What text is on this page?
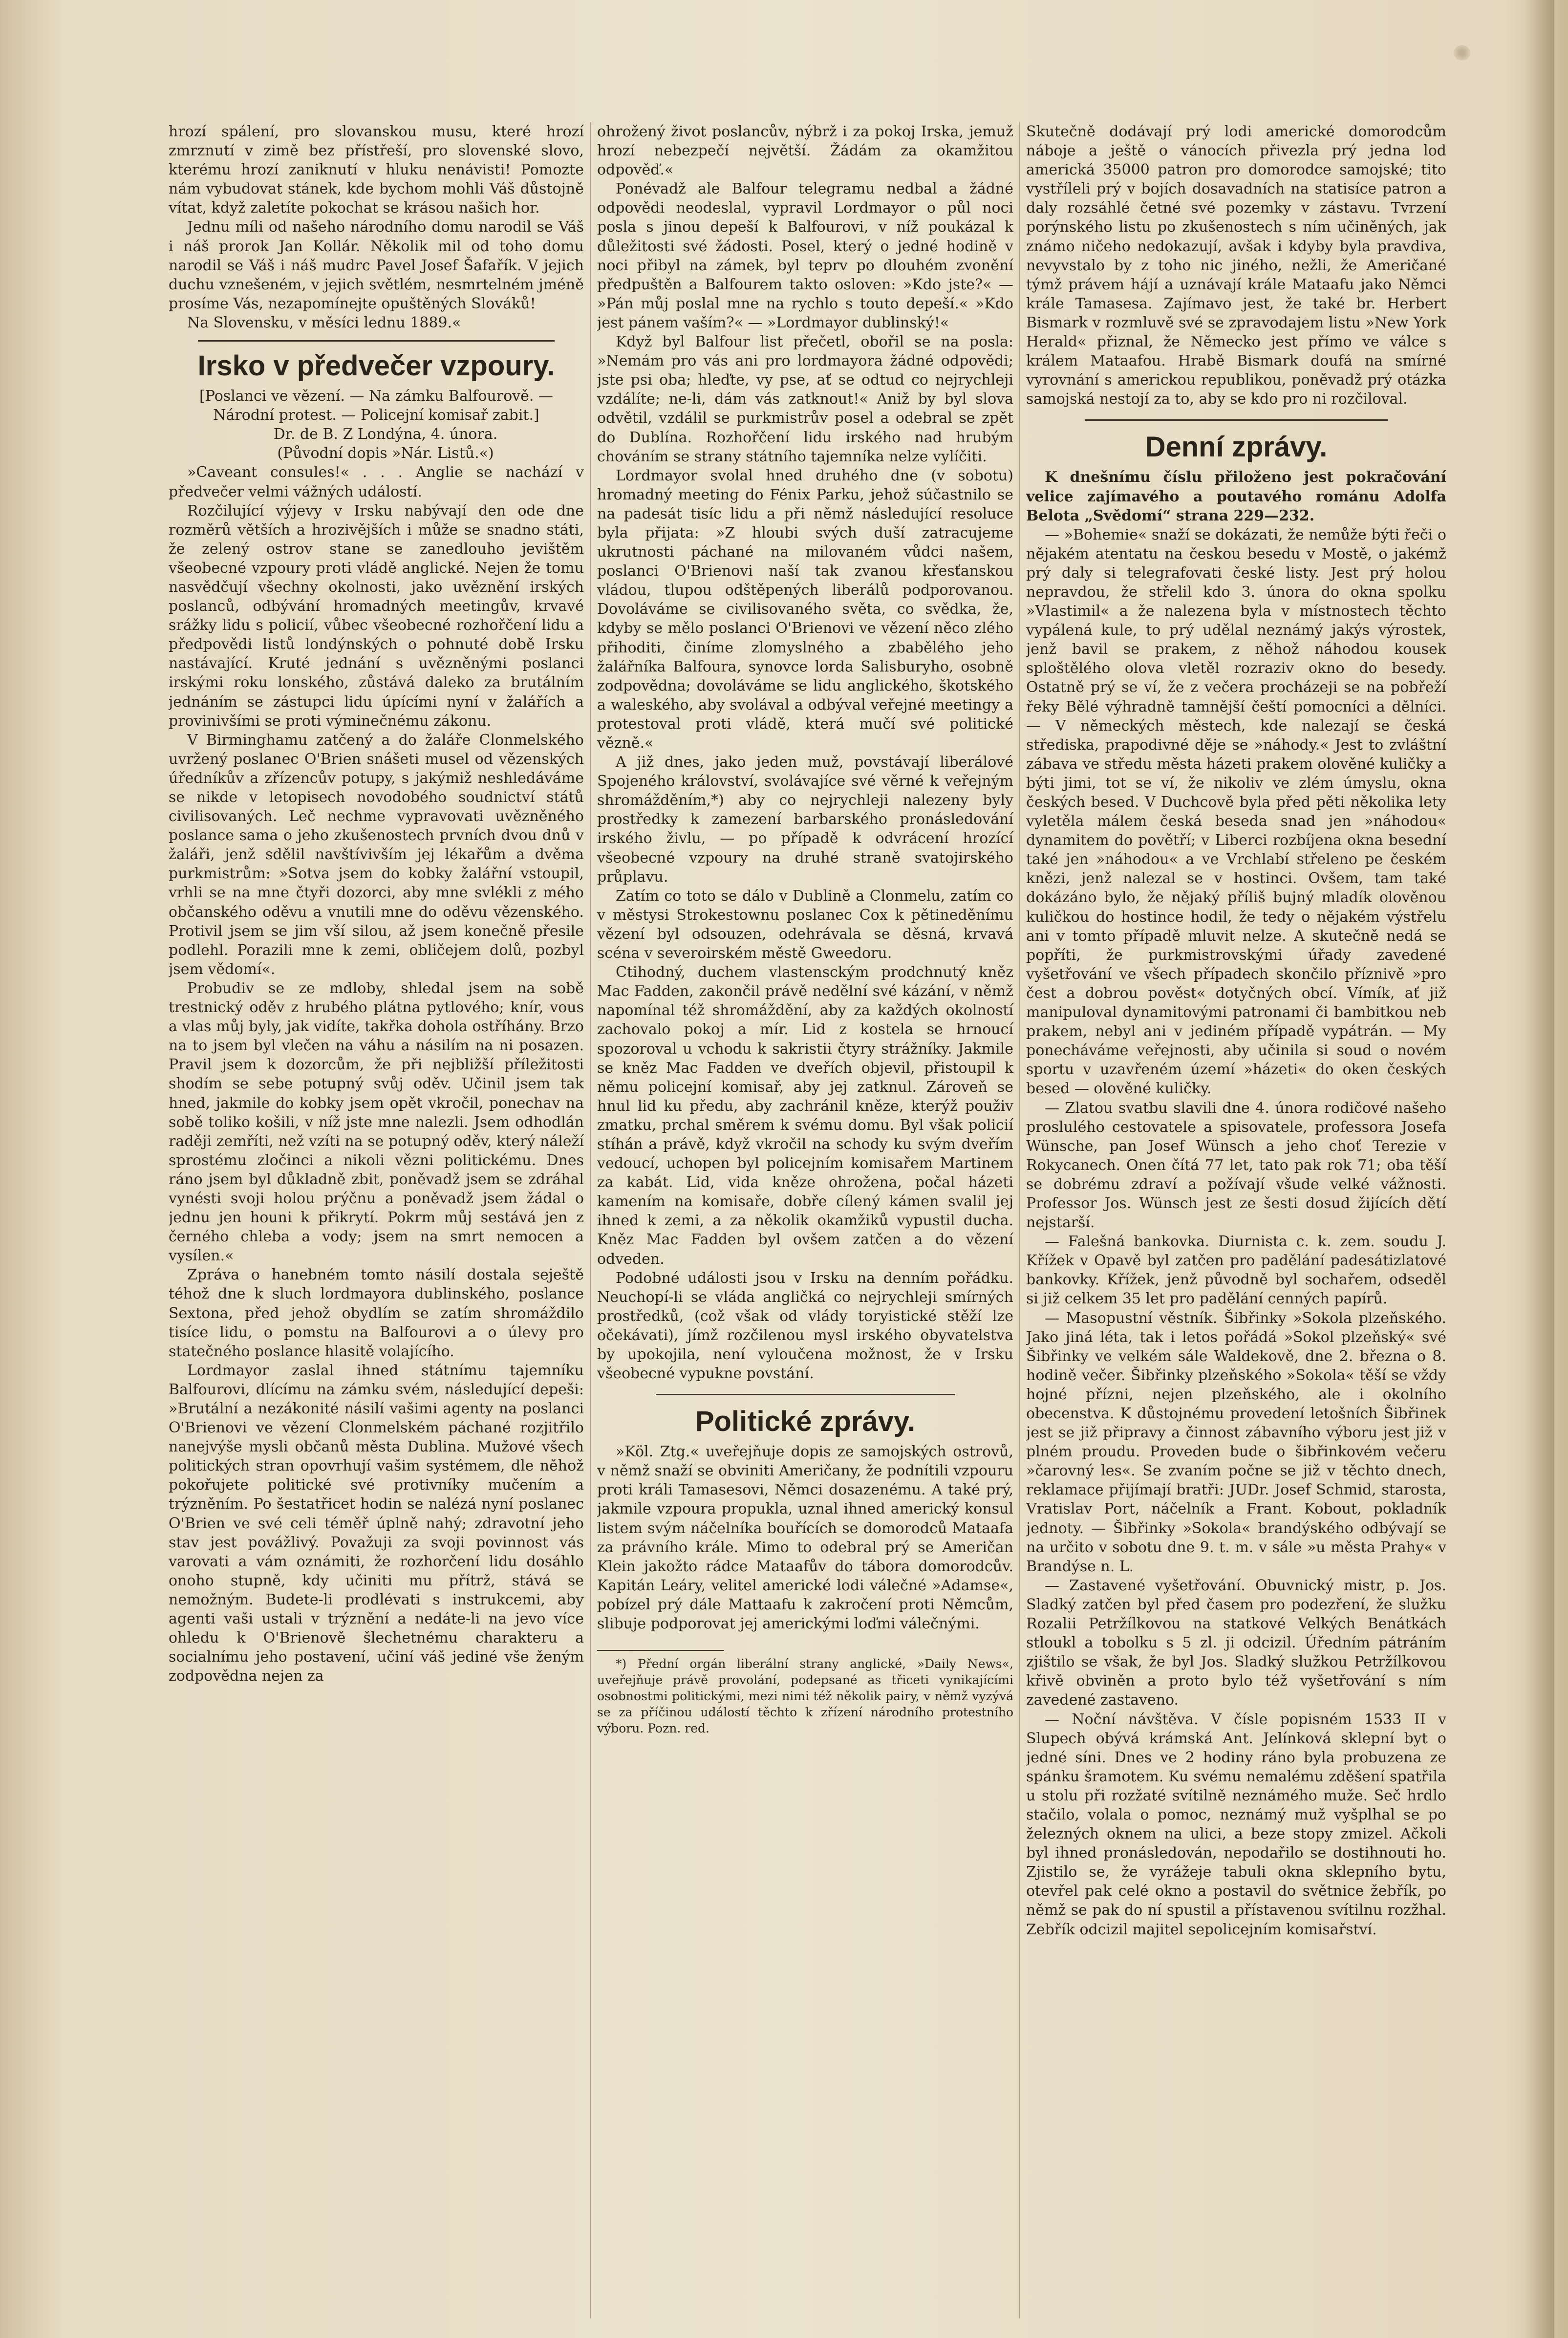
hrozí spálení, pro slovanskou musu, které hrozí zmrznutí v zimě bez přístřeší, pro slovenské slovo, kterému hrozí zaniknutí v hluku nenávisti! Pomozte nám vybudovat stánek, kde bychom mohli Váš důstojně vítat, když zaletíte pokochat se krásou našich hor.

Jednu míli od našeho národního domu narodil se Váš i náš prorok Jan Kollár. Několik mil od toho domu narodil se Váš i náš mudrc Pavel Josef Šafařík. V jejich duchu vznešeném, v jejich světlém, nesmrtelném jméně prosíme Vás, nezapomínejte opuštěných Slováků!

Na Slovensku, v měsíci lednu 1889.«

Irsko v předvečer vzpoury.

[Poslanci ve vězení. — Na zámku Balfourově. — Národní protest. — Policejní komisař zabit.]

Dr. de B. Z Londýna, 4. února.

(Původní dopis »Nár. Listů.«)

»Caveant consules!« . . . Anglie se nachází v předvečer velmi vážných událostí.

Rozčilující výjevy v Irsku nabývají den ode dne rozměrů větších a hrozivějších i může se snadno státi, že zelený ostrov stane se zanedlouho jevištěm všeobecné vzpoury proti vládě anglické. Nejen že tomu nasvědčují všechny okolnosti, jako uvěznění irských poslanců, odbývání hromadných meetingův, krvavé srážky lidu s policií, vůbec všeobecné rozhořčení lidu a předpovědi listů londýnských o pohnuté době Irsku nastávající. Kruté jednání s uvězněnými poslanci irskými roku lonského, zůstává daleko za brutálním jednáním se zástupci lidu úpícími nyní v žalářích a provinivšími se proti výminečnému zákonu.

V Birminghamu zatčený a do žaláře Clonmelského uvržený poslanec O'Brien snášeti musel od vězenských úředníkův a zřízencův potupy, s jakýmiž neshledáváme se nikde v letopisech novodobého soudnictví států civilisovaných. Leč nechme vypravovati uvězněného poslance sama o jeho zkušenostech prvních dvou dnů v žaláři, jenž sdělil navštívivším jej lékařům a dvěma purkmistrům: »Sotva jsem do kobky žalářní vstoupil, vrhli se na mne čtyři dozorci, aby mne svlékli z mého občanského oděvu a vnutili mne do oděvu vězenského. Protivil jsem se jim vší silou, až jsem konečně přesile podlehl. Porazili mne k zemi, obličejem dolů, pozbyl jsem vědomí«.

Probudiv se ze mdloby, shledal jsem na sobě trestnický oděv z hrubého plátna pytlového; knír, vous a vlas můj byly, jak vidíte, takřka dohola ostříhány. Brzo na to jsem byl vlečen na váhu a násilím na ni posazen. Pravil jsem k dozorcům, že při nejbližší příležitosti shodím se sebe potupný svůj oděv. Učinil jsem tak hned, jakmile do kobky jsem opět vkročil, ponechav na sobě toliko košili, v níž jste mne nalezli. Jsem odhodlán raději zemříti, než vzíti na se potupný oděv, který náleží sprostému zločinci a nikoli vězni politickému. Dnes ráno jsem byl důkladně zbit, poněvadž jsem se zdráhal vynésti svoji holou prýčnu a poněvadž jsem žádal o jednu jen houni k přikrytí. Pokrm můj sestává jen z černého chleba a vody; jsem na smrt nemocen a vysílen.«

Zpráva o hanebném tomto násilí dostala seještě téhož dne k sluch lordmayora dublinského, poslance Sextona, před jehož obydlím se zatím shromáždilo tisíce lidu, o pomstu na Balfourovi a o úlevy pro statečného poslance hlasitě volajícího.

Lordmayor zaslal ihned státnímu tajemníku Balfourovi, dlícímu na zámku svém, následující depeši: »Brutální a nezákonité násilí vašimi agenty na poslanci O'Brienovi ve vězení Clonmelském páchané rozjitřilo nanejvýše mysli občanů města Dublina. Mužové všech politických stran opovrhují vašim systémem, dle něhož pokořujete politické své protivníky mučením a trýzněním. Po šestatřicet hodin se nalézá nyní poslanec O'Brien ve své celi téměř úplně nahý; zdravotní jeho stav jest povážlivý. Považuji za svoji povinnost vás varovati a vám oznámiti, že rozhorčení lidu dosáhlo onoho stupně, kdy učiniti mu přítrž, stává se nemožným. Budete-li prodlévati s instrukcemi, aby agenti vaši ustali v trýznění a nedáte-li na jevo více ohledu k O'Brienově šlechetnému charakteru a socialnímu jeho postavení, učiní váš jediné vše ženým zodpovědna nejen za

ohrožený život poslancův, nýbrž i za pokoj Irska, jemuž hrozí nebezpečí největší. Žádám za okamžitou odpověď.«

Ponévadž ale Balfour telegramu nedbal a žádné odpovědi neodeslal, vypravil Lordmayor o půl noci posla s jinou depeší k Balfourovi, v níž poukázal k důležitosti své žádosti. Posel, který o jedné hodině v noci přibyl na zámek, byl teprv po dlouhém zvonění předpuštěn a Balfourem takto osloven: »Kdo jste?« — »Pán můj poslal mne na rychlo s touto depeší.« »Kdo jest pánem vaším?« — »Lordmayor dublinský!«

Když byl Balfour list přečetl, obořil se na posla: »Nemám pro vás ani pro lordmayora žádné odpovědi; jste psi oba; hleďte, vy pse, ať se odtud co nejrychleji vzdálíte; ne-li, dám vás zatknout!« Aniž by byl slova odvětil, vzdálil se purkmistrův posel a odebral se zpět do Dublína. Rozhořčení lidu irského nad hrubým chováním se strany státního tajemníka nelze vylíčiti.

Lordmayor svolal hned druhého dne (v sobotu) hromadný meeting do Fénix Parku, jehož súčastnilo se na padesát tisíc lidu a při němž následující resoluce byla přijata: »Z hloubi svých duší zatracujeme ukrutnosti páchané na milovaném vůdci našem, poslanci O'Brienovi naší tak zvanou křesťanskou vládou, tlupou odštěpených liberálů podporovanou. Dovoláváme se civilisovaného světa, co svědka, že, kdyby se mělo poslanci O'Brienovi ve vězení něco zlého přihoditi, činíme zlomyslného a zbabělého jeho žalářníka Balfoura, synovce lorda Salisburyho, osobně zodpovědna; dovoláváme se lidu anglického, škotského a waleského, aby svolával a odbýval veřejné meetingy a protestoval proti vládě, která mučí své politické vězně.«

A již dnes, jako jeden muž, povstávají liberálové Spojeného království, svolávajíce své věrné k veřejným shromážděním,*) aby co nejrychleji nalezeny byly prostředky k zamezení barbarského pronásledování irského živlu, — po případě k odvrácení hrozící všeobecné vzpoury na druhé straně svatojirského průplavu.

Zatím co toto se dálo v Dublině a Clonmelu, zatím co v městysi Strokestownu poslanec Cox k pětineděnímu vězení byl odsouzen, odehrávala se děsná, krvavá scéna v severoirském městě Gweedoru.

Ctihodný, duchem vlastensckým prodchnutý kněz Mac Fadden, zakončil právě nedělní své kázání, v němž napomínal též shromáždění, aby za každých okolností zachovalo pokoj a mír. Lid z kostela se hrnoucí spozoroval u vchodu k sakristii čtyry strážníky. Jakmile se kněz Mac Fadden ve dveřích objevil, přistoupil k němu policejní komisař, aby jej zatknul. Zároveň se hnul lid ku předu, aby zachránil kněze, kterýž použiv zmatku, prchal směrem k svému domu. Byl však policií stíhán a právě, když vkročil na schody ku svým dveřím vedoucí, uchopen byl policejním komisařem Martinem za kabát. Lid, vida kněze ohrožena, počal házeti kamením na komisaře, dobře cílený kámen svalil jej ihned k zemi, a za několik okamžiků vypustil ducha. Kněz Mac Fadden byl ovšem zatčen a do vězení odveden.

Podobné události jsou v Irsku na denním pořádku. Neuchopí-li se vláda angličká co nejrychleji smírných prostředků, (což však od vlády toryistické stěží lze očekávati), jímž rozčilenou mysl irského obyvatelstva by upokojila, není vyloučena možnost, že v Irsku všeobecné vypukne povstání.

Politické zprávy.

»Köl. Ztg.« uveřejňuje dopis ze samojských ostrovů, v němž snaží se obviniti Američany, že podnítili vzpouru proti králi Tamasesovi, Němci dosazenému. A také prý, jakmile vzpoura propukla, uznal ihned americký konsul listem svým náčelníka bouřících se domorodců Mataafa za právního krále. Mimo to odebral prý se Američan Klein jakožto rádce Mataafův do tábora domorodcův. Kapitán Leáry, velitel americké lodi válečné »Adamse«, pobízel prý dále Mattaafu k zakročení proti Němcům, slibuje podporovat jej americkými loďmi válečnými.

*) Přední orgán liberální strany anglické, »Daily News«, uveřejňuje právě provolání, podepsané as třiceti vynikajícími osobnostmi politickými, mezi nimi též několik pairy, v němž vyzývá se za příčinou událostí těchto k zřízení národního protestního výboru. Pozn. red.

Skutečně dodávají prý lodi americké domorodcům náboje a ještě o vánocích přivezla prý jedna loď americká 35000 patron pro domorodce samojské; tito vystříleli prý v bojích dosavadních na statisíce patron a daly rozsáhlé četné své pozemky v zástavu. Tvrzení porýnského listu po zkušenostech s ním učiněných, jak známo ničeho nedokazují, avšak i kdyby byla pravdiva, nevyvstalo by z toho nic jiného, nežli, že Američané týmž právem hájí a uznávají krále Mataafu jako Němci krále Tamasesa. Zajímavo jest, že také br. Herbert Bismark v rozmluvě své se zpravodajem listu »New York Herald« přiznal, že Německo jest přímo ve válce s králem Mataafou. Hrabě Bismark doufá na smírné vyrovnání s americkou republikou, poněvadž prý otázka samojská nestojí za to, aby se kdo pro ni rozčiloval.

Denní zprávy.

K dnešnímu číslu přiloženo jest pokračování velice zajímavého a poutavého románu Adolfa Belota „Svědomí“ strana 229—232.

— »Bohemie« snaží se dokázati, že nemůže býti řeči o nějakém atentatu na českou besedu v Mostě, o jakémž prý daly si telegrafovati české listy. Jest prý holou nepravdou, že střelil kdo 3. února do okna spolku »Vlastimil« a že nalezena byla v místnostech těchto vypálená kule, to prý udělal neznámý jakýs výrostek, jenž bavil se prakem, z něhož náhodou kousek sploštělého olova vletěl rozraziv okno do besedy. Ostatně prý se ví, že z večera procházeji se na pobřeží řeky Bělé výhradně tamnější čeští pomocníci a dělníci. — V německých městech, kde nalezají se česká střediska, prapodivné děje se »náhody.« Jest to zvláštní zábava ve středu města házeti prakem olověné kuličky a býti jimi, tot se ví, že nikoliv ve zlém úmyslu, okna českých besed. V Duchcově byla před pěti několika lety vyletěla málem česká beseda snad jen »náhodou« dynamitem do povětří; v Liberci rozbíjena okna besední také jen »náhodou« a ve Vrchlabí střeleno pe českém knězi, jenž nalezal se v hostinci. Ovšem, tam také dokázáno bylo, že nějaký příliš bujný mladík olověnou kuličkou do hostince hodil, že tedy o nějakém výstřelu ani v tomto případě mluvit nelze. A skutečně nedá se popříti, že purkmistrovskými úřady zavedené vyšetřování ve všech případech skončilo příznivě »pro čest a dobrou pověst« dotyčných obcí. Vímík, ať již manipuloval dynamitovými patronami či bambitkou neb prakem, nebyl ani v jediném případě vypátrán. — My ponecháváme veřejnosti, aby učinila si soud o novém sportu v uzavřeném území »házeti« do oken českých besed — olověné kuličky.

— Zlatou svatbu slavili dne 4. února rodičové našeho proslulého cestovatele a spisovatele, professora Josefa Wünsche, pan Josef Wünsch a jeho choť Terezie v Rokycanech. Onen čítá 77 let, tato pak rok 71; oba těší se dobrému zdraví a požívají všude velké vážnosti. Professor Jos. Wünsch jest ze šesti dosud žijících dětí nejstarší.

— Falešná bankovka. Diurnista c. k. zem. soudu J. Křížek v Opavě byl zatčen pro padělání padesátizlatové bankovky. Křížek, jenž původně byl sochařem, odseděl si již celkem 35 let pro padělání cenných papírů.

— Masopustní věstník. Šibřinky »Sokola plzeňského. Jako jiná léta, tak i letos pořádá »Sokol plzeňský« své Šibřinky ve velkém sále Waldekově, dne 2. března o 8. hodině večer. Šibřinky plzeňského »Sokola« těší se vždy hojné přízni, nejen plzeňského, ale i okolního obecenstva. K důstojnému provedení letošních Šibřinek jest se již připravy a činnost zábavního výboru jest již v plném proudu. Proveden bude o šibřinkovém večeru »čarovný les«. Se zvaním počne se již v těchto dnech, reklamace přijímají bratři: JUDr. Josef Schmid, starosta, Vratislav Port, náčelník a Frant. Kobout, pokladník jednoty. — Šibřinky »Sokola« brandýského odbývají se na určito v sobotu dne 9. t. m. v sále »u města Prahy« v Brandýse n. L.

— Zastavené vyšetřování. Obuvnický mistr, p. Jos. Sladký zatčen byl před časem pro podezření, že služku Rozalii Petržílkovou na statkové Velkých Benátkách stloukl a tobolku s 5 zl. ji odcizil. Úředním pátráním zjištilo se však, že byl Jos. Sladký služkou Petržílkovou křivě obviněn a proto bylo též vyšetřování s ním zavedené zastaveno.

— Noční návštěva. V čísle popisném 1533 II v Slupech obývá krámská Ant. Jelínková sklepní byt o jedné síni. Dnes ve 2 hodiny ráno byla probuzena ze spánku šramotem. Ku svému nemalému zděšení spatřila u stolu při rozžaté svítilně neznámého muže. Seč hrdlo stačilo, volala o pomoc, neznámý muž vyšplhal se po železných oknem na ulici, a beze stopy zmizel. Ačkoli byl ihned pronásledován, nepodařilo se dostihnouti ho. Zjistilo se, že vyrážeje tabuli okna sklepního bytu, otevřel pak celé okno a postavil do světnice žebřík, po němž se pak do ní spustil a přístavenou svítilnu rozžhal. Zebřík odcizil majitel sepolicejním komisařství.
